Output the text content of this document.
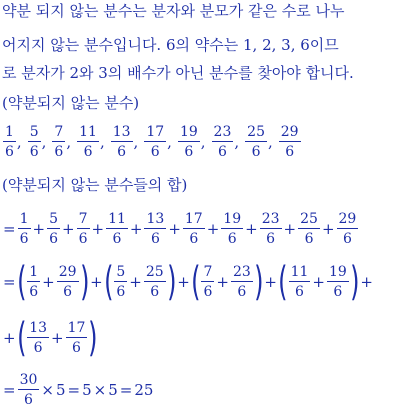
약분 되지 않는 분수는 분자와 분모가 같은 수로 나누
어지지 않는 분수입니다. 6의 약수는 1, 2, 3, 6이므
로 분자가 2와 3의 배수가 아닌 분수를 찾아야 합니다.
(약분되지 않는 분수)
$\frac{1}{6}$ , $\frac{5}{6}$ , $\frac{7}{6}$ , $\frac{11}{6}$ , $\frac{13}{6}$ , $\frac{17}{6}$ , $\frac{19}{6}$ , $\frac{23}{6}$ , $\frac{25}{6}$ , $\frac{29}{6}$
(약분되지 않는 분수들의 합)
= $\frac{1}{6} + \frac{5}{6} + \frac{7}{6} + \frac{11}{6} + \frac{13}{6} + \frac{17}{6} + \frac{19}{6} + \frac{23}{6} + \frac{25}{6} + \frac{29}{6}$
= ( $\frac{1}{6} + \frac{29}{6}$ ) + ( $\frac{5}{6} + \frac{25}{6}$ ) + ( $\frac{7}{6} + \frac{23}{6}$ ) + ( $\frac{11}{6} + \frac{19}{6}$ ) +
+ ( $\frac{13}{6} + \frac{17}{6}$ )
= $\frac{30}{6} \times 5 = 5 \times 5 = 25$
